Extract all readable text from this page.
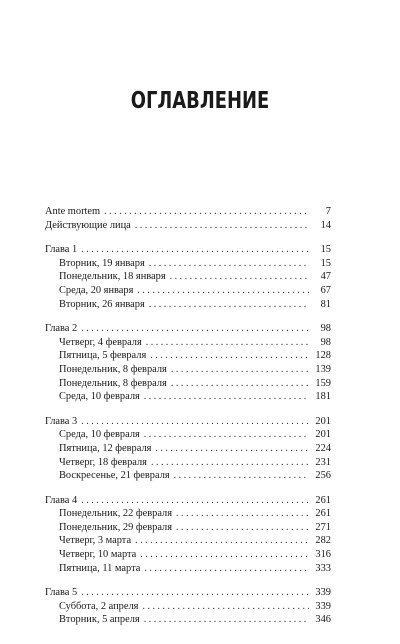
ОГЛАВЛЕНИЕ
Ante mortem . . .	7
Действующие лица . . .	14
Глава 1 . . .	15
Вторник, 19 января . . .	15
Понедельник, 18 января . . .	47
Среда, 20 января . . .	67
Вторник, 26 января . . .	81
Глава 2 . . .	98
Четверг, 4 февраля . . .	98
Пятница, 5 февраля . . .	128
Понедельник, 8 февраля . . .	139
Понедельник, 8 февраля . . .	159
Среда, 10 февраля . . .	181
Глава 3 . . .	201
Среда, 10 февраля . . .	201
Пятница, 12 февраля . . .	224
Четверг, 18 февраля . . .	231
Воскресенье, 21 февраля . . .	256
Глава 4 . . .	261
Понедельник, 22 февраля . . .	261
Понедельник, 29 февраля . . .	271
Четверг, 3 марта . . .	282
Четверг, 10 марта . . .	316
Пятница, 11 марта . . .	333
Глава 5 . . .	339
Суббота, 2 апреля . . .	339
Вторник, 5 апреля . . .	346
